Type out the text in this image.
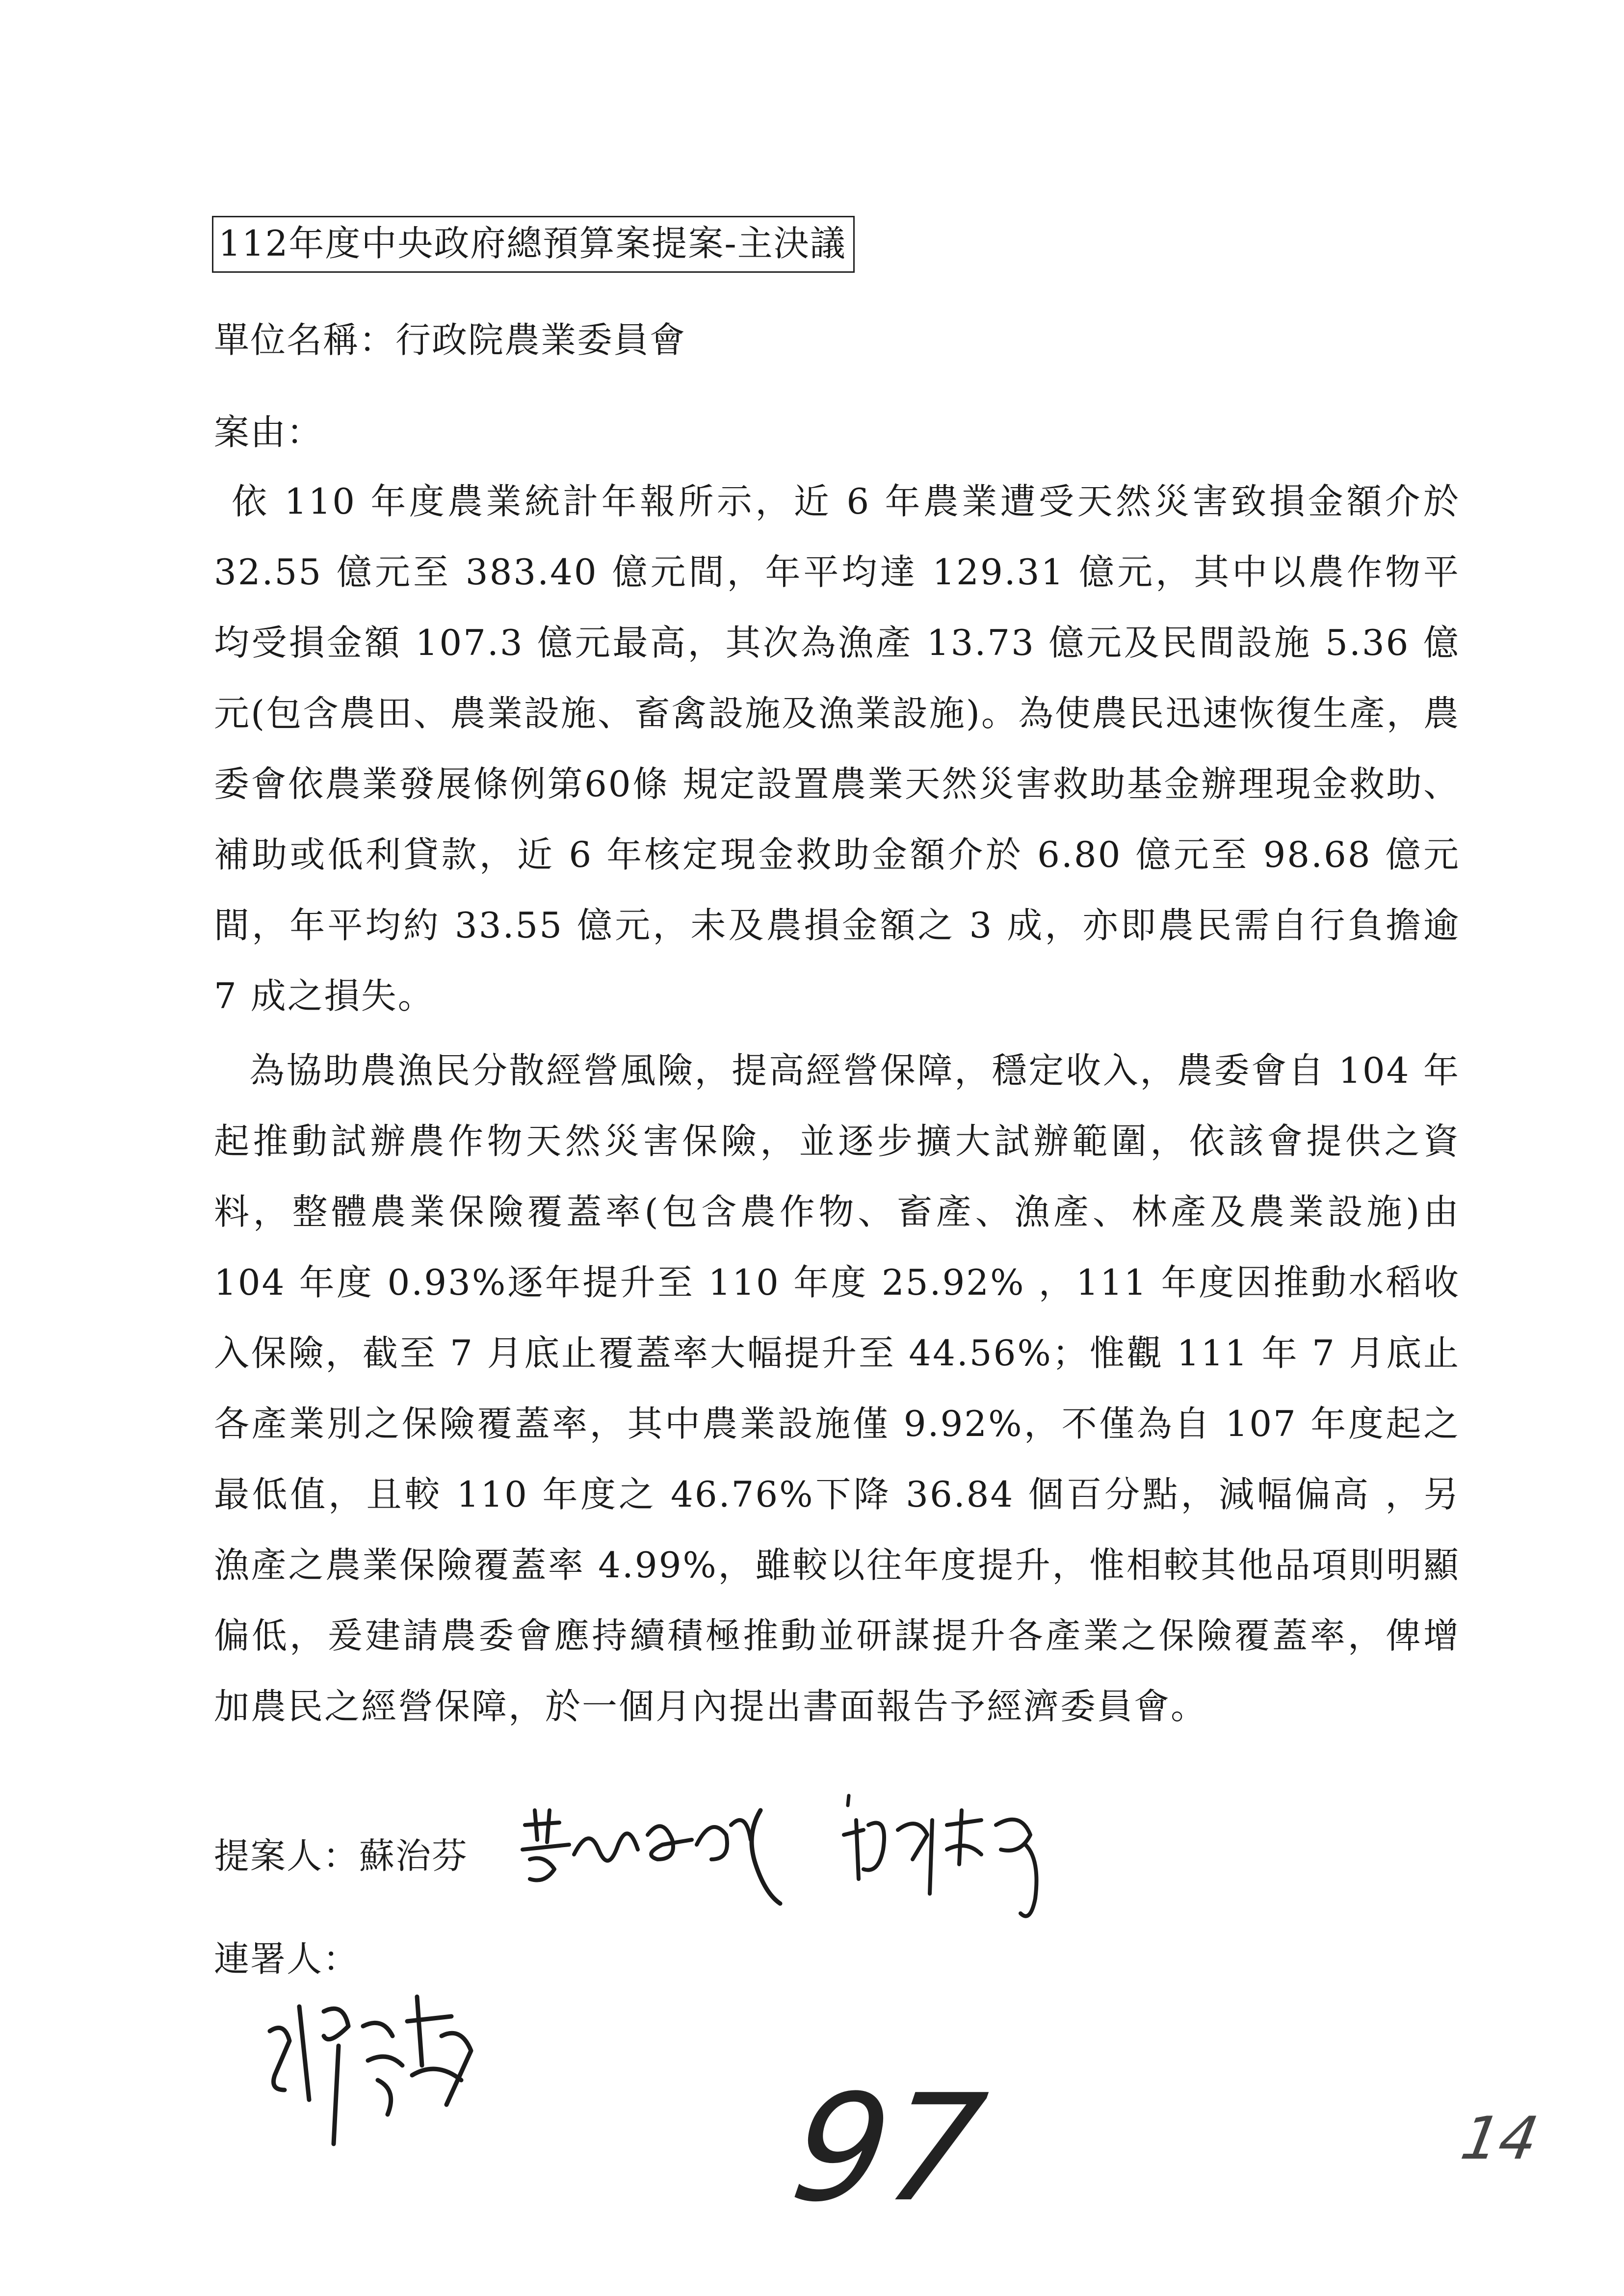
112年度中央政府總預算案提案-主決議
單位名稱：行政院農業委員會
案由：

依 110 年度農業統計年報所示，近 6 年農業遭受天然災害致損金額介於 32.55 億元至 383.40 億元間，年平均達 129.31 億元，其中以農作物平均受損金額 107.3 億元最高，其次為漁產 13.73 億元及民間設施 5.36 億元(包含農田、農業設施、畜禽設施及漁業設施)。為使農民迅速恢復生產，農委會依農業發展條例第60條 規定設置農業天然災害救助基金辦理現金救助、補助或低利貸款，近 6 年核定現金救助金額介於 6.80 億元至 98.68 億元間，年平均約 33.55 億元，未及農損金額之 3 成，亦即農民需自行負擔逾 7 成之損失。

為協助農漁民分散經營風險，提高經營保障，穩定收入，農委會自 104 年起推動試辦農作物天然災害保險，並逐步擴大試辦範圍，依該會提供之資料，整體農業保險覆蓋率(包含農作物、畜產、漁產、林產及農業設施)由 104 年度 0.93%逐年提升至 110 年度 25.92% ，111 年度因推動水稻收入保險，截至 7 月底止覆蓋率大幅提升至 44.56%；惟觀 111 年 7 月底止各產業別之保險覆蓋率，其中農業設施僅 9.92%，不僅為自 107 年度起之最低值，且較 110 年度之 46.76%下降 36.84 個百分點，減幅偏高 ，另漁產之農業保險覆蓋率 4.99%，雖較以往年度提升，惟相較其他品項則明顯偏低，爰建請農委會應持續積極推動並研謀提升各產業之保險覆蓋率，俾增加農民之經營保障，於一個月內提出書面報告予經濟委員會。

提案人：蘇治芬
連署人：
97	14
